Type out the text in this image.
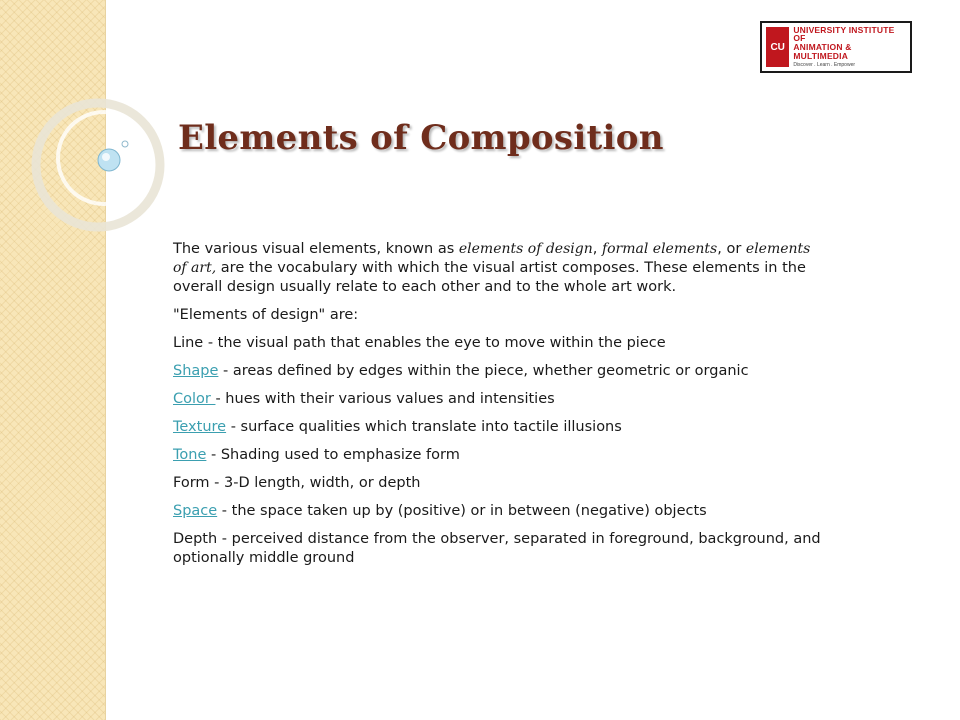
CU
UNIVERSITY INSTITUTE OF
ANIMATION & MULTIMEDIA
Discover . Learn . Empower
Elements of Composition

The various visual elements, known as elements of design, formal elements, or elements of art, are the vocabulary with which the visual artist composes. These elements in the overall design usually relate to each other and to the whole art work.

"Elements of design" are:

Line - the visual path that enables the eye to move within the piece

Shape - areas defined by edges within the piece, whether geometric or organic

Color - hues with their various values and intensities

Texture - surface qualities which translate into tactile illusions

Tone - Shading used to emphasize form

Form - 3-D length, width, or depth

Space - the space taken up by (positive) or in between (negative) objects

Depth - perceived distance from the observer, separated in foreground, background, and optionally middle ground
